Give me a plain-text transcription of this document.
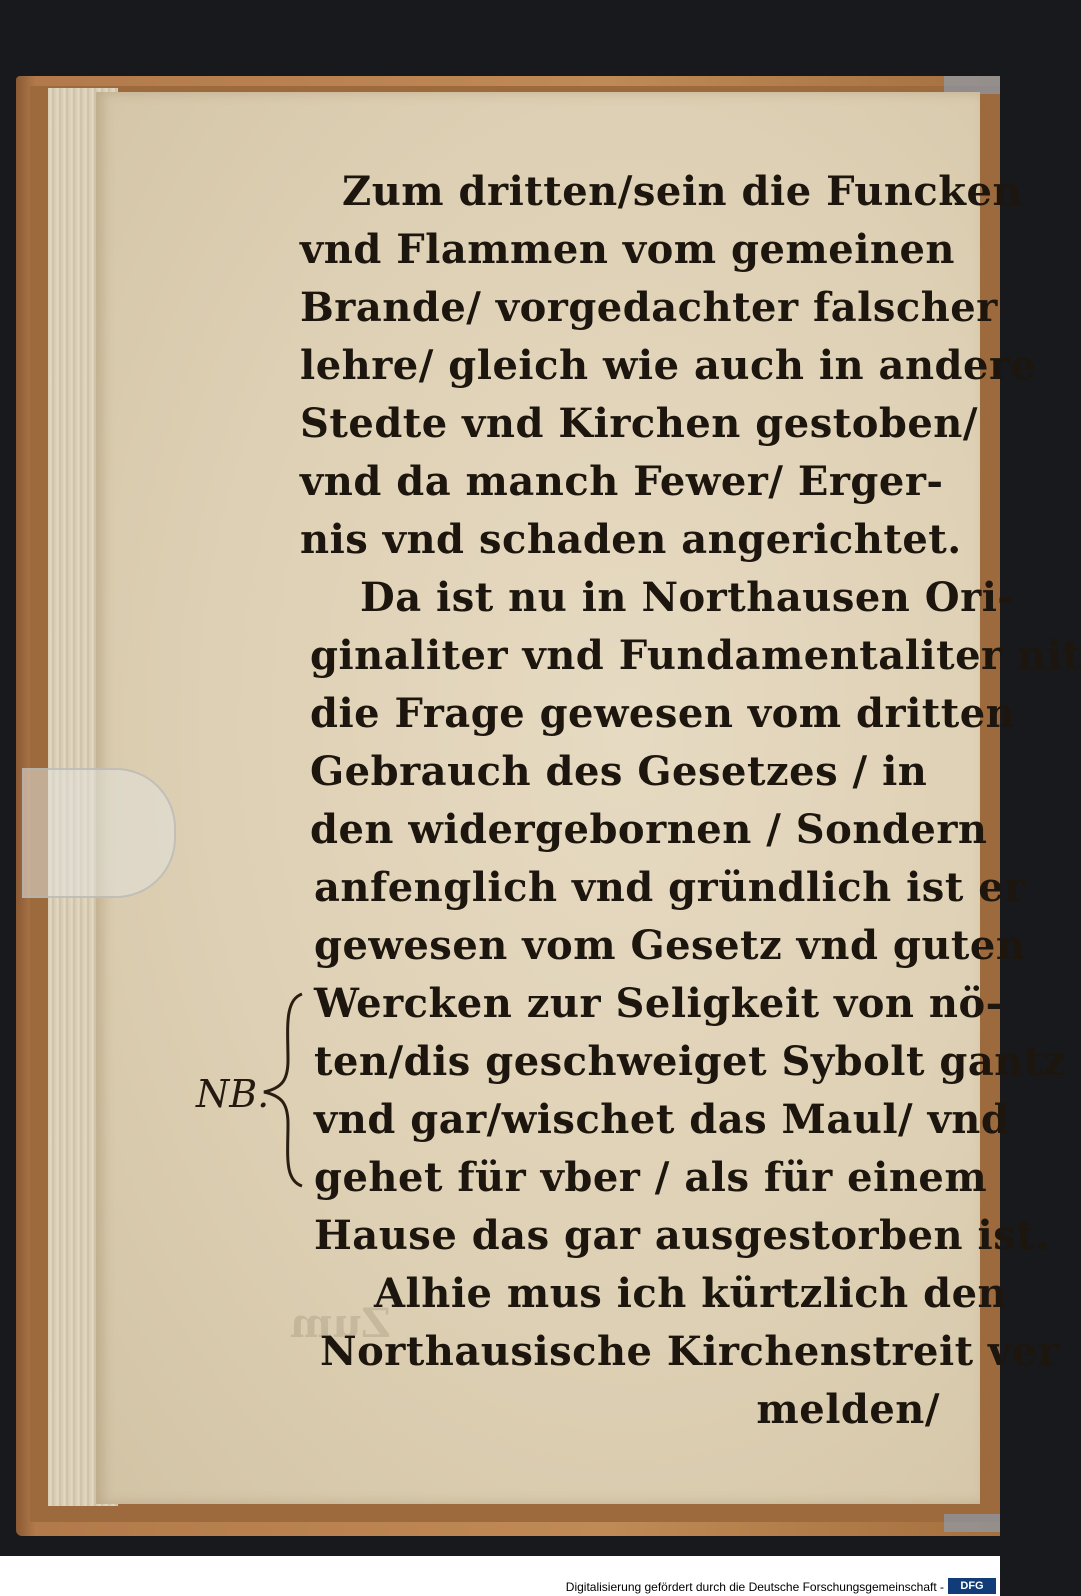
Zum
Zum dritten/sein die Funcken
vnd Flammen vom gemeinen
Brande/ vorgedachter falscher
lehre/ gleich wie auch in andere
Stedte vnd Kirchen gestoben/
vnd da manch Fewer/ Erger-
nis vnd schaden angerichtet.
Da ist nu in Northausen Ori-
ginaliter vnd Fundamentaliter nit
die Frage gewesen vom dritten
Gebrauch des Gesetzes / in
den widergebornen / Sondern
anfenglich vnd gründlich ist er
gewesen vom Gesetz vnd guten
Wercken zur Seligkeit von nö-
ten/dis geschweiget Sybolt gantz
vnd gar/wischet das Maul/ vnd
gehet für vber / als für einem
Hause das gar ausgestorben ist.
Alhie mus ich kürtzlich den
Northausische Kirchenstreit ver
melden/
NB.
Digitalisierung gefördert durch die Deutsche Forschungsgemeinschaft -	DFG
